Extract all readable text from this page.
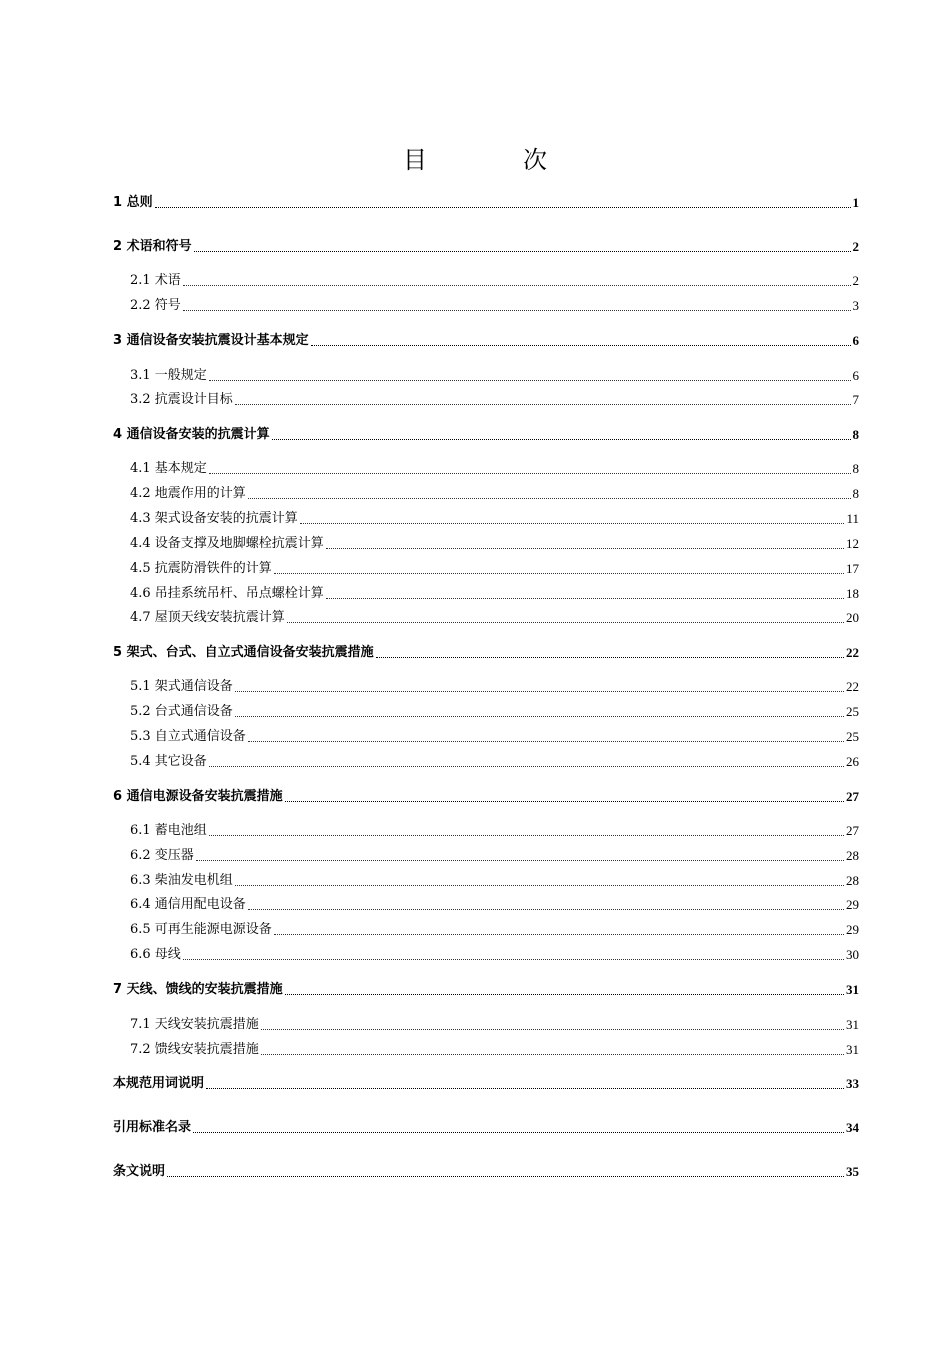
目　次
1 总则	1
2 术语和符号	2
2.1 术语	2
2.2 符号	3
3 通信设备安装抗震设计基本规定	6
3.1 一般规定	6
3.2 抗震设计目标	7
4 通信设备安装的抗震计算	8
4.1 基本规定	8
4.2 地震作用的计算	8
4.3 架式设备安装的抗震计算	11
4.4 设备支撑及地脚螺栓抗震计算	12
4.5 抗震防滑铁件的计算	17
4.6 吊挂系统吊杆、吊点螺栓计算	18
4.7 屋顶天线安装抗震计算	20
5 架式、台式、自立式通信设备安装抗震措施	22
5.1 架式通信设备	22
5.2 台式通信设备	25
5.3 自立式通信设备	25
5.4 其它设备	26
6 通信电源设备安装抗震措施	27
6.1 蓄电池组	27
6.2 变压器	28
6.3 柴油发电机组	28
6.4 通信用配电设备	29
6.5 可再生能源电源设备	29
6.6 母线	30
7 天线、馈线的安装抗震措施	31
7.1 天线安装抗震措施	31
7.2 馈线安装抗震措施	31
本规范用词说明	33
引用标准名录	34
条文说明	35
